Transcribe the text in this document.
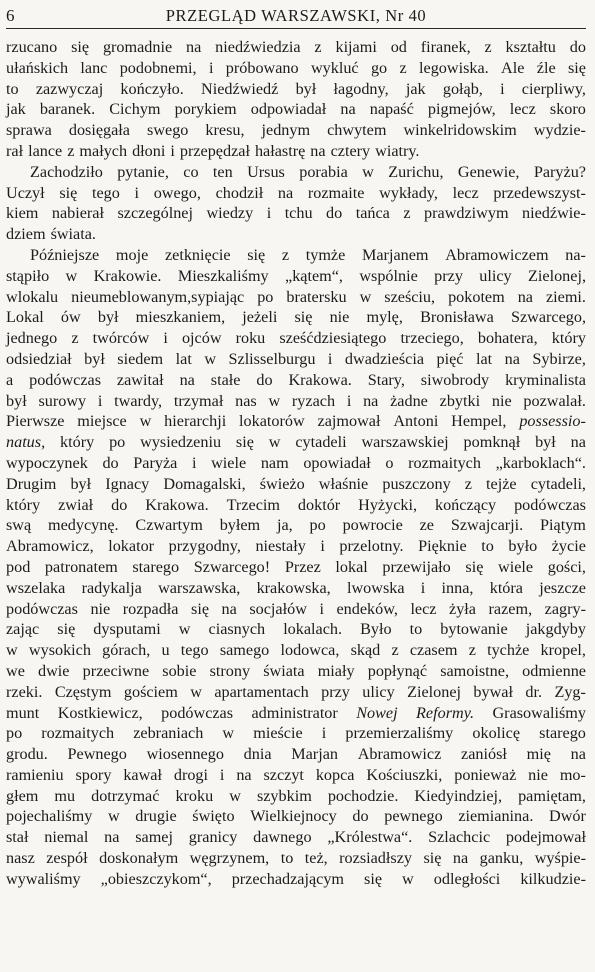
6	PRZEGLĄD WARSZAWSKI, Nr 40
rzucano się gromadnie na niedźwiedzia z kijami od firanek, z kształtu do
ułańskich lanc podobnemi, i próbowano wykluć go z legowiska. Ale źle się
to zazwyczaj kończyło. Niedźwiedź był łagodny, jak gołąb, i cierpliwy,
jak baranek. Cichym porykiem odpowiadał na napaść pigmejów, lecz skoro
sprawa dosięgała swego kresu, jednym chwytem winkelridowskim wydzie-
rał lance z małych dłoni i przepędzał hałastrę na cztery wiatry.
Zachodziło pytanie, co ten Ursus porabia w Zurichu, Genewie, Paryżu?
Uczył się tego i owego, chodził na rozmaite wykłady, lecz przedewszyst-
kiem nabierał szczególnej wiedzy i tchu do tańca z prawdziwym niedźwie-
dziem świata.
Późniejsze moje zetknięcie się z tymże Marjanem Abramowiczem na-
stąpiło w Krakowie. Mieszkaliśmy „kątem“, wspólnie przy ulicy Zielonej,
wlokalu nieumeblowanym,sypiając po bratersku w sześciu, pokotem na ziemi.
Lokal ów był mieszkaniem, jeżeli się nie mylę, Bronisława Szwarcego,
jednego z twórców i ojców roku sześćdziesiątego trzeciego, bohatera, który
odsiedział był siedem lat w Szlisselburgu i dwadzieścia pięć lat na Sybirze,
a podówczas zawitał na stałe do Krakowa. Stary, siwobrody kryminalista
był surowy i twardy, trzymał nas w ryzach i na żadne zbytki nie pozwalał.
Pierwsze miejsce w hierarchji lokatorów zajmował Antoni Hempel, possessio-
natus, który po wysiedzeniu się w cytadeli warszawskiej pomknął był na
wypoczynek do Paryża i wiele nam opowiadał o rozmaitych „karboklach“.
Drugim był Ignacy Domagalski, świeżo właśnie puszczony z tejże cytadeli,
który zwiał do Krakowa. Trzecim doktór Hyżycki, kończący podówczas
swą medycynę. Czwartym byłem ja, po powrocie ze Szwajcarji. Piątym
Abramowicz, lokator przygodny, niestały i przelotny. Pięknie to było życie
pod patronatem starego Szwarcego! Przez lokal przewijało się wiele gości,
wszelaka radykalja warszawska, krakowska, lwowska i inna, która jeszcze
podówczas nie rozpadła się na socjałów i endeków, lecz żyła razem, zagry-
zając się dysputami w ciasnych lokalach. Było to bytowanie jakgdyby
w wysokich górach, u tego samego lodowca, skąd z czasem z tychże kropel,
we dwie przeciwne sobie strony świata miały popłynąć samoistne, odmienne
rzeki. Częstym gościem w apartamentach przy ulicy Zielonej bywał dr. Zyg-
munt Kostkiewicz, podówczas administrator Nowej Reformy. Grasowaliśmy
po rozmaitych zebraniach w mieście i przemierzaliśmy okolicę starego
grodu. Pewnego wiosennego dnia Marjan Abramowicz zaniósł mię na
ramieniu spory kawał drogi i na szczyt kopca Kościuszki, ponieważ nie mo-
głem mu dotrzymać kroku w szybkim pochodzie. Kiedyindziej, pamiętam,
pojechaliśmy w drugie święto Wielkiejnocy do pewnego ziemianina. Dwór
stał niemal na samej granicy dawnego „Królestwa“. Szlachcic podejmował
nasz zespół doskonałym węgrzynem, to też, rozsiadłszy się na ganku, wyśpie-
wywaliśmy „obieszczykom“, przechadzającym się w odległości kilkudzie-
